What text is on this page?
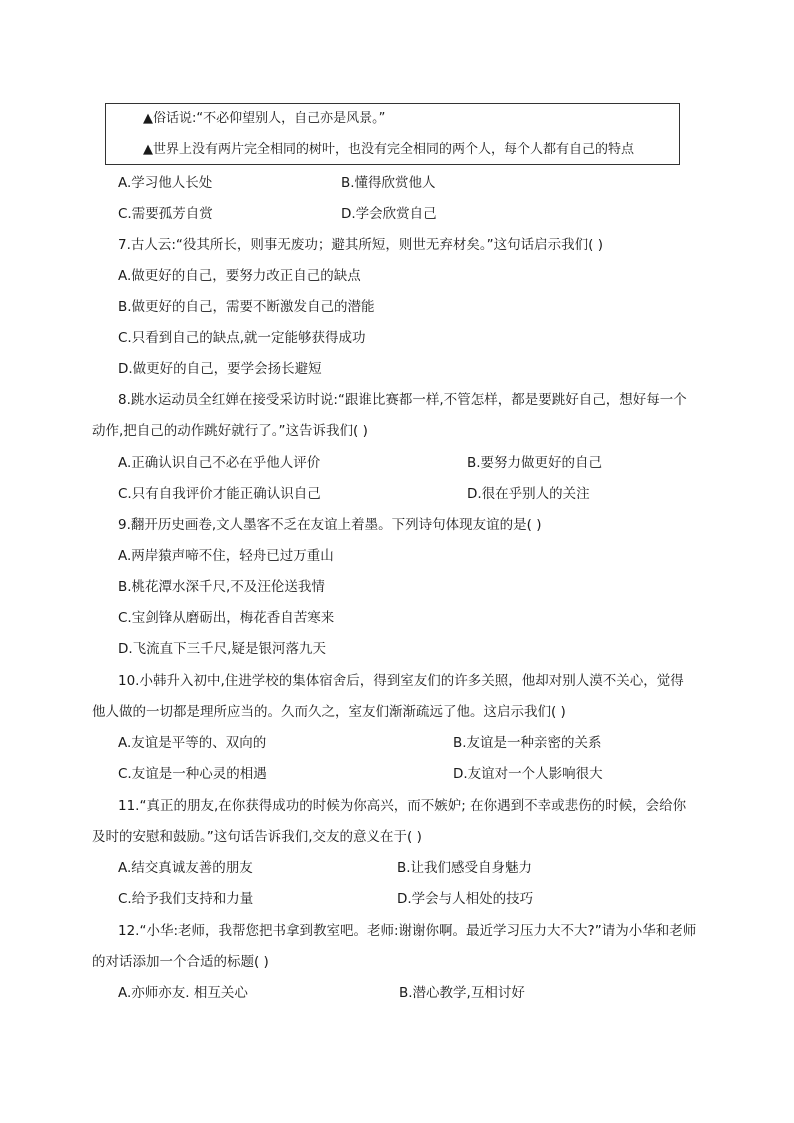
▲俗话说:“不必仰望别人，自己亦是风景。”
▲世界上没有两片完全相同的树叶，也没有完全相同的两个人，每个人都有自己的特点
A.学习他人长处	B.懂得欣赏他人
C.需要孤芳自赏	D.学会欣赏自己
7.古人云:“役其所长，则事无废功；避其所短，则世无弃材矣。”这句话启示我们( )
A.做更好的自己，要努力改正自己的缺点
B.做更好的自己，需要不断激发自己的潜能
C.只看到自己的缺点,就一定能够获得成功
D.做更好的自己，要学会扬长避短
8.跳水运动员全红婵在接受采访时说:“跟谁比赛都一样,不管怎样，都是要跳好自己，想好每一个
动作,把自己的动作跳好就行了。”这告诉我们( )
A.正确认识自己不必在乎他人评价	B.要努力做更好的自己
C.只有自我评价才能正确认识自己	D.很在乎别人的关注
9.翻开历史画卷,文人墨客不乏在友谊上着墨。下列诗句体现友谊的是( )
A.两岸猿声啼不住，轻舟已过万重山
B.桃花潭水深千尺,不及汪伦送我情
C.宝剑锋从磨砺出，梅花香自苦寒来
D.飞流直下三千尺,疑是银河落九天
10.小韩升入初中,住进学校的集体宿舍后，得到室友们的许多关照，他却对别人漠不关心，觉得
他人做的一切都是理所应当的。久而久之，室友们渐渐疏远了他。这启示我们( )
A.友谊是平等的、双向的	B.友谊是一种亲密的关系
C.友谊是一种心灵的相遇	D.友谊对一个人影响很大
11.“真正的朋友,在你获得成功的时候为你高兴，而不嫉妒; 在你遇到不幸或悲伤的时候，会给你
及时的安慰和鼓励。”这句话告诉我们,交友的意义在于( )
A.结交真诚友善的朋友	B.让我们感受自身魅力
C.给予我们支持和力量	D.学会与人相处的技巧
12.“小华:老师，我帮您把书拿到教室吧。老师:谢谢你啊。最近学习压力大不大?”请为小华和老师
的对话添加一个合适的标题( )
A.亦师亦友. 相互关心	B.潜心教学,互相讨好
